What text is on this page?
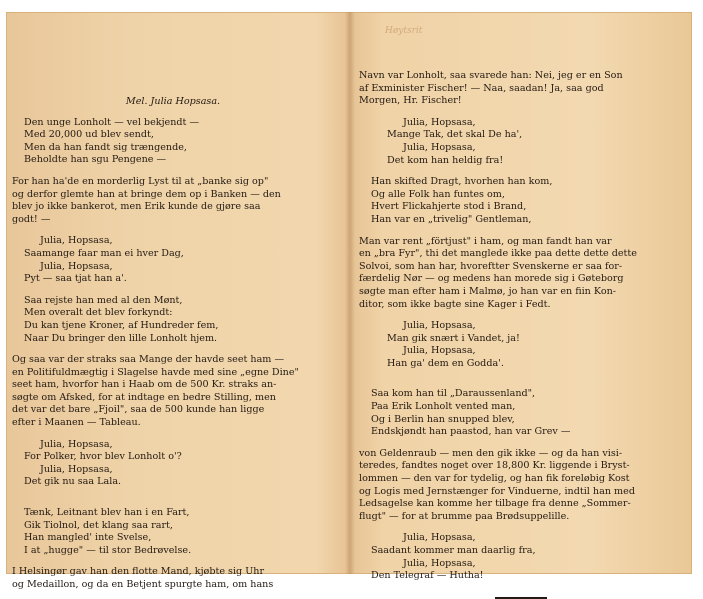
Høytsrit
Mel. Julia Hopsasa.
Den unge Lonholt — vel bekjendt —
Med 20,000 ud blev sendt,
Men da han fandt sig trængende,
Beholdte han sgu Pengene —
For han ha'de en morderlig Lyst til at „banke sig op"
og derfor glemte han at bringe dem op i Banken — den
blev jo ikke bankerot, men Erik kunde de gjøre saa
godt! —
Julia, Hopsasa,
Saamange faar man ei hver Dag,
Julia, Hopsasa,
Pyt — saa tjat han a'.
Saa rejste han med al den Mønt,
Men overalt det blev forkyndt:
Du kan tjene Kroner, af Hundreder fem,
Naar Du bringer den lille Lonholt hjem.
Og saa var der straks saa Mange der havde seet ham —
en Politifuldmægtig i Slagelse havde med sine „egne Dine"
seet ham, hvorfor han i Haab om de 500 Kr. straks an-
søgte om Afsked, for at indtage en bedre Stilling, men
det var det bare „Fjoil", saa de 500 kunde han ligge
efter i Maanen — Tableau.
Julia, Hopsasa,
For Polker, hvor blev Lonholt o'?
Julia, Hopsasa,
Det gik nu saa Lala.
Tænk, Leitnant blev han i en Fart,
Gik Tiolnol, det klang saa rart,
Han mangled' inte Svelse,
I at „hugge" — til stor Bedrøvelse.
I Helsingør gav han den flotte Mand, kjøbte sig Uhr
og Medaillon, og da en Betjent spurgte ham, om hans
Navn var Lonholt, saa svarede han: Nei, jeg er en Son
af Exminister Fischer! — Naa, saadan! Ja, saa god
Morgen, Hr. Fischer!
Julia, Hopsasa,
Mange Tak, det skal De ha',
Julia, Hopsasa,
Det kom han heldig fra!
Han skifted Dragt, hvorhen han kom,
Og alle Folk han funtes om,
Hvert Flickahjerte stod i Brand,
Han var en „trivelig" Gentleman,
Man var rent „förtjust" i ham, og man fandt han var
en „bra Fyr", thi det manglede ikke paa dette dette dette
Solvoi, som han har, hvoreftter Svenskerne er saa for-
færdelig Nør — og medens han morede sig i Gøteborg
søgte man efter ham i Malmø, jo han var en fiin Kon-
ditor, som ikke bagte sine Kager i Fedt.
Julia, Hopsasa,
Man gik snært i Vandet, ja!
Julia, Hopsasa,
Han ga' dem en Godda'.
Saa kom han til „Daraussenland",
Paa Erik Lonholt vented man,
Og i Berlin han snupped blev,
Endskjøndt han paastod, han var Grev —
von Geldenraub — men den gik ikke — og da han visi-
teredes, fandtes noget over 18,800 Kr. liggende i Bryst-
lommen — den var for tydelig, og han fik foreløbig Kost
og Logis med Jernstænger for Vinduerne, indtil han med
Ledsagelse kan komme her tilbage fra denne „Sommer-
flugt" — for at brumme paa Brødsuppelille.
Julia, Hopsasa,
Saadant kommer man daarlig fra,
Julia, Hopsasa,
Den Telegraf — Hutha!
